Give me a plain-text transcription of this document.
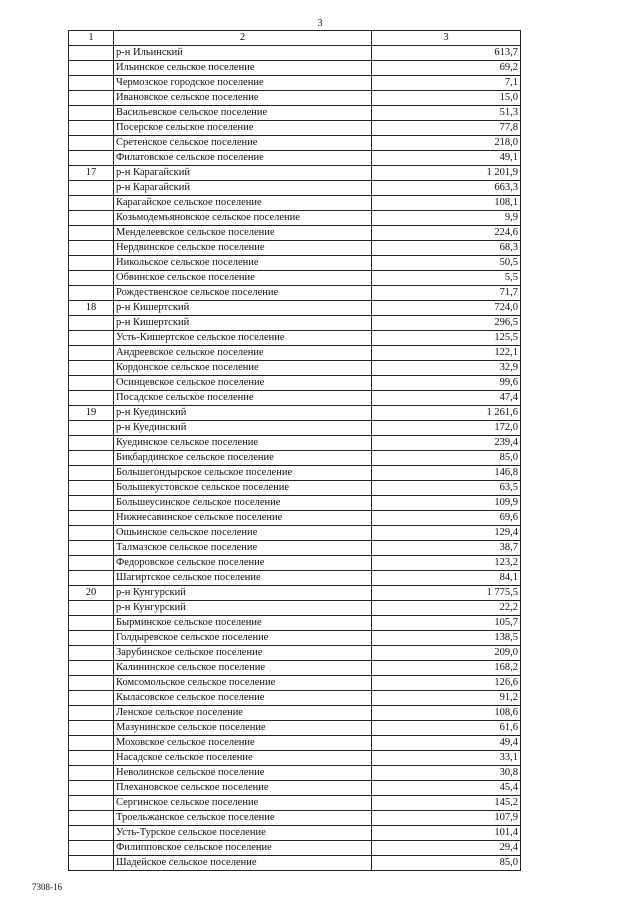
3
1	2	3
	р-н Ильинский	613,7
	Ильинское сельское поселение	69,2
	Чермозское городское поселение	7,1
	Ивановское сельское поселение	15,0
	Васильевское сельское поселение	51,3
	Посерское сельское поселение	77,8
	Сретенское сельское поселение	218,0
	Филатовское сельское поселение	49,1
17	р-н Карагайский	1 201,9
	р-н Карагайский	663,3
	Карагайское сельское поселение	108,1
	Козьмодемьяновское сельское поселение	9,9
	Менделеевское сельское поселение	224,6
	Нердвинское сельское поселение	68,3
	Никольское сельское поселение	50,5
	Обвинское сельское поселение	5,5
	Рождественское сельское поселение	71,7
18	р-н Кишертский	724,0
	р-н Кишертский	296,5
	Усть-Кишертское сельское поселение	125,5
	Андреевское сельское поселение	122,1
	Кордонское сельское поселение	32,9
	Осинцевское сельское поселение	99,6
	Посадское сельское поселение	47,4
19	р-н Куединский	1 261,6
	р-н Куединский	172,0
	Куединское сельское поселение	239,4
	Бикбардинское сельское поселение	85,0
	Большегондырское сельское поселение	146,8
	Большекустовское сельское поселение	63,5
	Большеусинское сельское поселение	109,9
	Нижнесавинское сельское поселение	69,6
	Ошьинское сельское поселение	129,4
	Талмазское сельское поселение	38,7
	Федоровское сельское поселение	123,2
	Шагиртское сельское поселение	84,1
20	р-н Кунгурский	1 775,5
	р-н Кунгурский	22,2
	Бырминское сельское поселение	105,7
	Голдыревское сельское поселение	138,5
	Зарубинское сельское поселение	209,0
	Калининское сельское поселение	168,2
	Комсомольское сельское поселение	126,6
	Кыласовское сельское поселение	91,2
	Ленское сельское поселение	108,6
	Мазунинское сельское поселение	61,6
	Моховское сельское поселение	49,4
	Насадское сельское поселение	33,1
	Неволинское сельское поселение	30,8
	Плехановское сельское поселение	45,4
	Сергинское сельское поселение	145,2
	Троельжанское сельское поселение	107,9
	Усть-Турское сельское поселение	101,4
	Филипповское сельское поселение	29,4
	Шадейское сельское поселение	85,0
7308-16
